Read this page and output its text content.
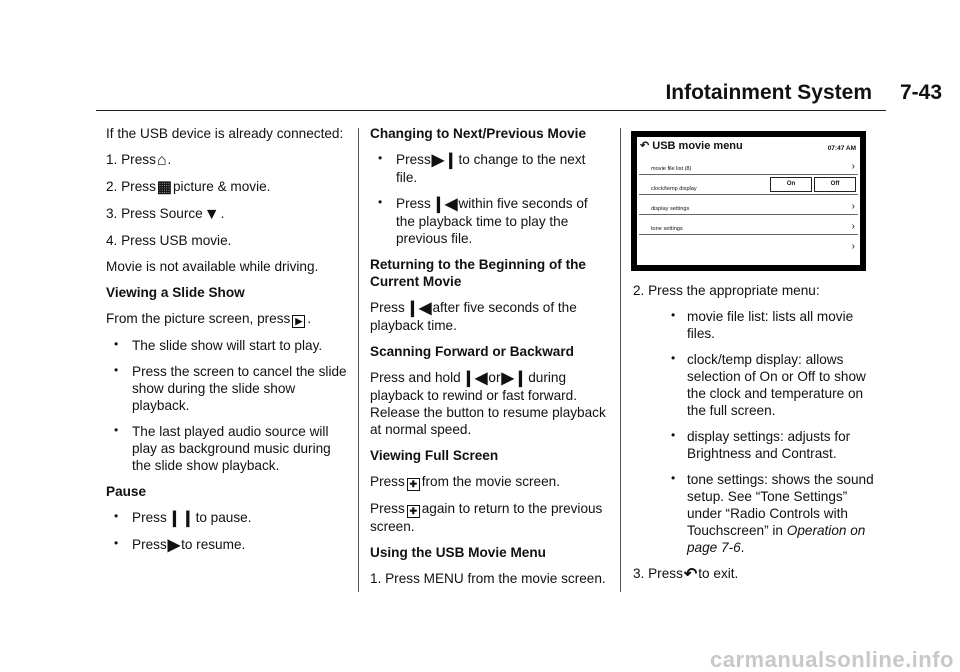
Infotainment System 7-43

If the USB device is already connected:

1. Press⌂.

2. Press▦picture & movie.

3. Press Source▼.

4. Press USB movie.

Movie is not available while driving.

Viewing a Slide Show

From the picture screen, press ▶ .

• The slide show will start to play.
• Press the screen to cancel the slide show during the slide show playback.
• The last played audio source will play as background music during the slide show playback.

Pause

• Press❙❙to pause.
• Press▶to resume.

Changing to Next/Previous Movie

• Press▶❙to change to the next file.
• Press❙◀within five seconds of the playback time to play the previous file.

Returning to the Beginning of the Current Movie

Press❙◀after five seconds of the playback time.

Scanning Forward or Backward

Press and hold❙◀or▶❙during playback to rewind or fast forward. Release the button to resume playback at normal speed.

Viewing Full Screen

Press ✚ from the movie screen.

Press ✚ again to return to the previous screen.

Using the USB Movie Menu

1. Press MENU from the movie screen.

↶ USB movie menu	07:47 AM
movie file list (8)	›
clock/temp display
On	Off
display settings	›
tone settings	›
›

2. Press the appropriate menu:

• movie file list: lists all movie files.
• clock/temp display: allows selection of On or Off to show the clock and temperature on the full screen.
• display settings: adjusts for Brightness and Contrast.
• tone settings: shows the sound setup. See “Tone Settings” under “Radio Controls with Touchscreen” in Operation on page 7-6.

3. Press↶to exit.

carmanualsonline.info
